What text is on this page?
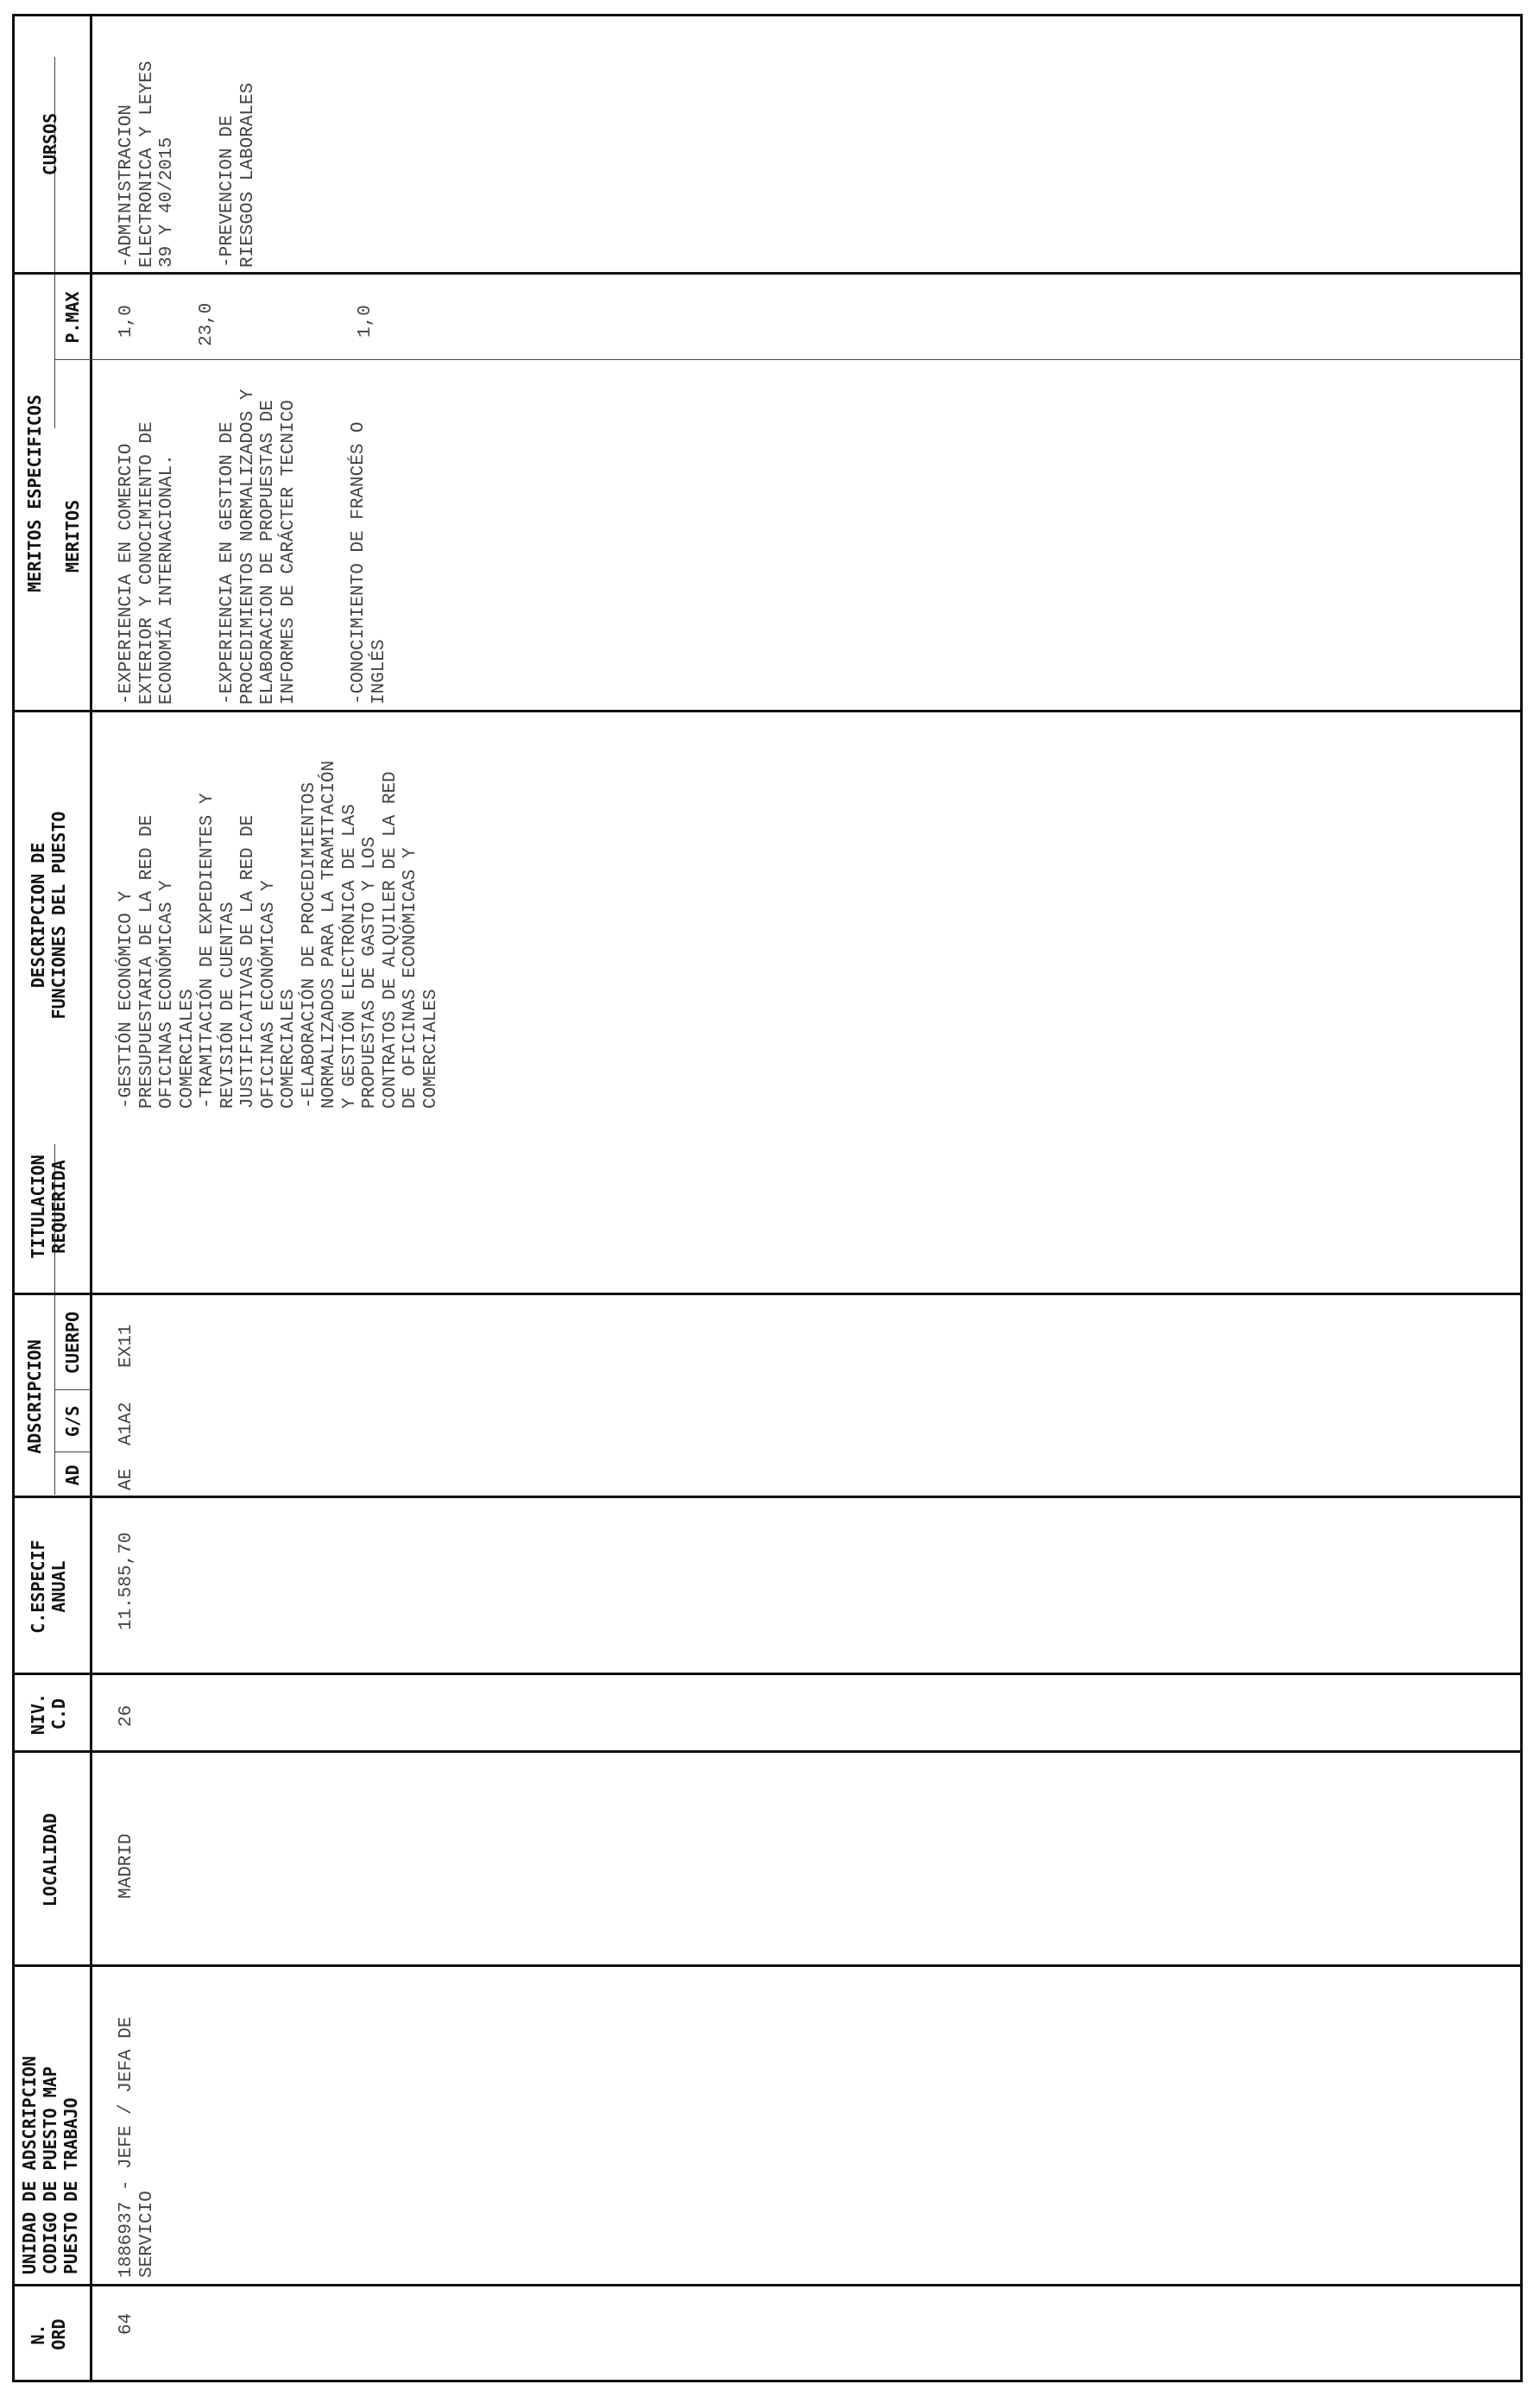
N.
ORD
UNIDAD DE ADSCRIPCION
CODIGO DE PUESTO MAP
PUESTO DE TRABAJO
LOCALIDAD
NIV.
C.D
C.ESPECIF
ANUAL
ADSCRIPCION
AD
G/S
CUERPO
TITULACION
REQUERIDA
DESCRIPCION DE
FUNCIONES DEL PUESTO
MERITOS ESPECIFICOS MERITOS
P.MAX
CURSOS
64
1886937 - JEFE / JEFA DE
SERVICIO
MADRID
26
11.585,70
AE
A1A2
EX11
-GESTIÓN ECONÓMICO Y
PRESUPUESTARIA DE LA RED DE
OFICINAS ECONÓMICAS Y
COMERCIALES
-TRAMITACIÓN DE EXPEDIENTES Y
REVISIÓN DE CUENTAS
JUSTIFICATIVAS DE LA RED DE
OFICINAS ECONÓMICAS Y
COMERCIALES
-ELABORACIÓN DE PROCEDIMIENTOS
NORMALIZADOS PARA LA TRAMITACIÓN
Y GESTIÓN ELECTRÓNICA DE LAS
PROPUESTAS DE GASTO Y LOS
CONTRATOS DE ALQUILER DE LA RED
DE OFICINAS ECONÓMICAS Y
COMERCIALES
-EXPERIENCIA EN COMERCIO
EXTERIOR Y CONOCIMIENTO DE
ECONOMÍA INTERNACIONAL.
-EXPERIENCIA EN GESTION DE
PROCEDIMIENTOS NORMALIZADOS Y
ELABORACION DE PROPUESTAS DE
INFORMES DE CARÁCTER TECNICO
-CONOCIMIENTO DE FRANCÉS O
INGLÉS
1,0	23,0	1,0
-ADMINISTRACION
ELECTRONICA Y LEYES
39 Y 40/2015 -PREVENCION DE
RIESGOS LABORALES
